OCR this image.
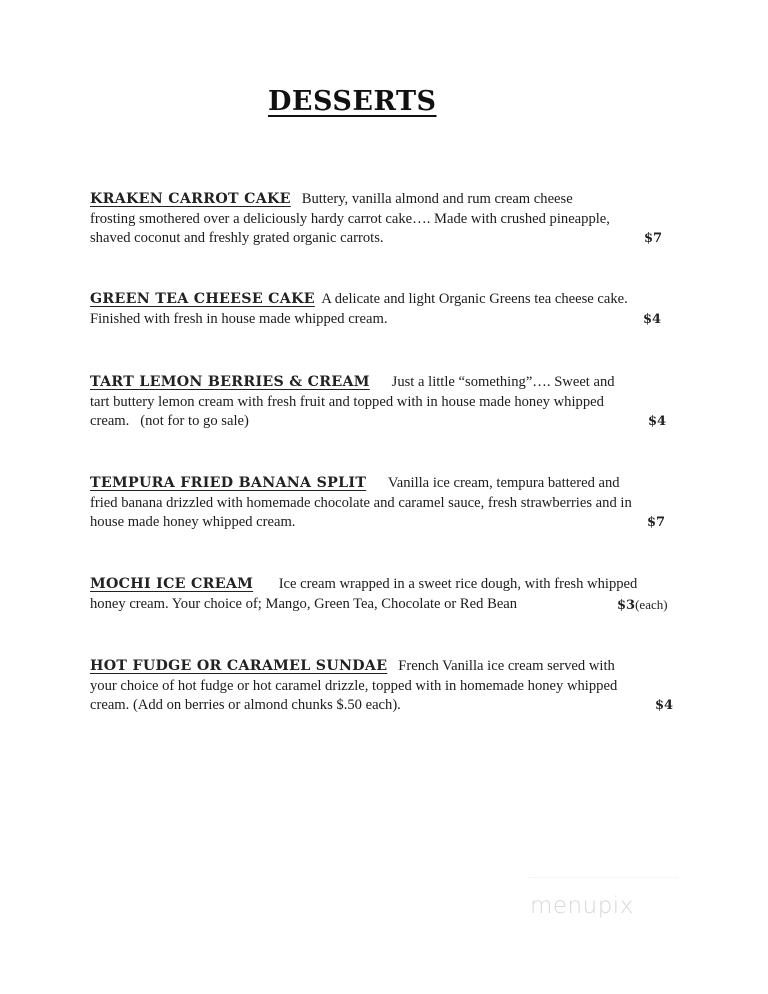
DESSERTS
KRAKEN CARROT CAKE Buttery, vanilla almond and rum cream cheese
frosting smothered over a deliciously hardy carrot cake…. Made with crushed pineapple,
shaved coconut and freshly grated organic carrots.	$7
GREEN TEA CHEESE CAKE A delicate and light Organic Greens tea cheese cake.
Finished with fresh in house made whipped cream.	$4
TART LEMON BERRIES & CREAM Just a little “something”…. Sweet and
tart buttery lemon cream with fresh fruit and topped with in house made honey whipped
cream.   (not for to go sale)	$4
TEMPURA FRIED BANANA SPLIT Vanilla ice cream, tempura battered and
fried banana drizzled with homemade chocolate and caramel sauce, fresh strawberries and in
house made honey whipped cream.	$7
MOCHI ICE CREAM Ice cream wrapped in a sweet rice dough, with fresh whipped
honey cream. Your choice of; Mango, Green Tea, Chocolate or Red Bean	$3(each)
HOT FUDGE OR CARAMEL SUNDAE French Vanilla ice cream served with
your choice of hot fudge or hot caramel drizzle, topped with in homemade honey whipped
cream. (Add on berries or almond chunks $.50 each).	$4
menupix
